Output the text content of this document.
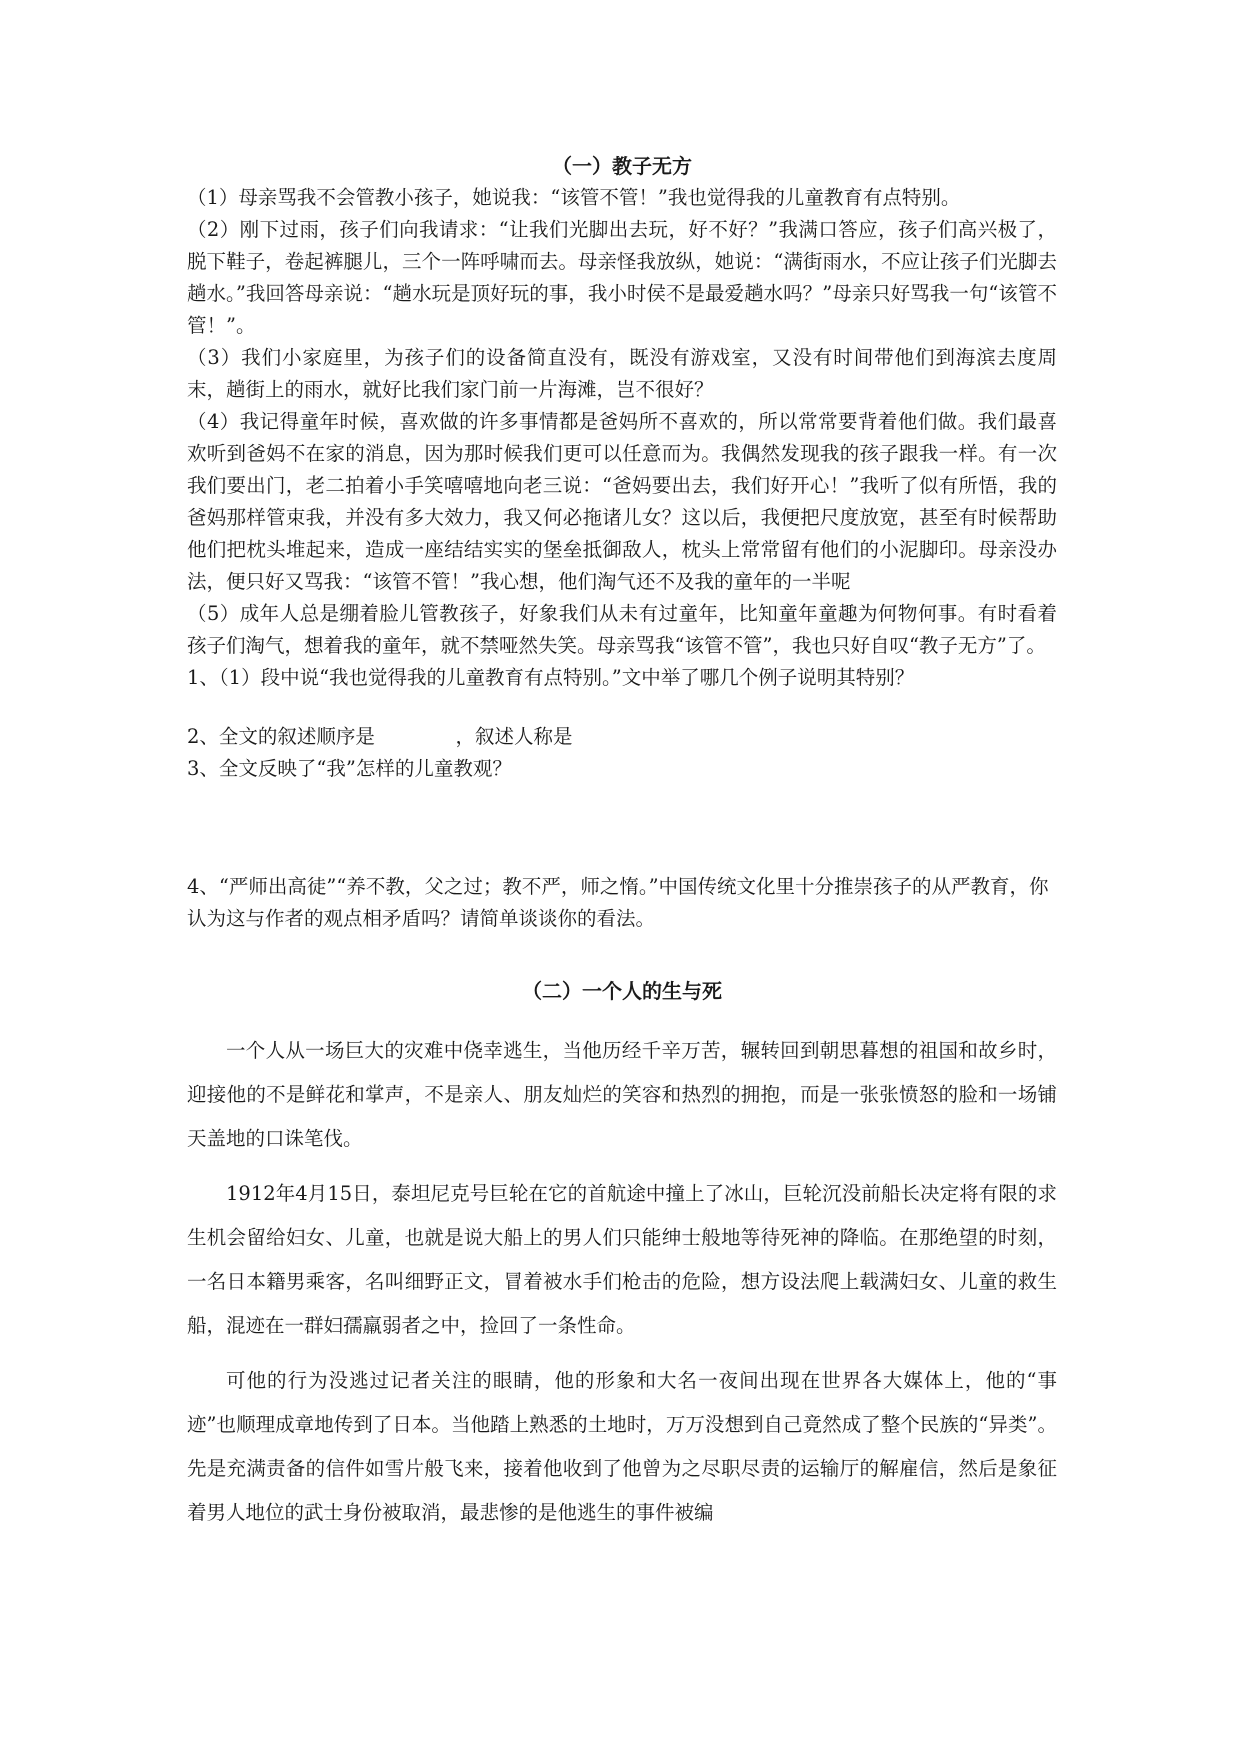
（一）教子无方

（1）母亲骂我不会管教小孩子，她说我：“该管不管！”我也觉得我的儿童教育有点特别。

（2）刚下过雨，孩子们向我请求：“让我们光脚出去玩，好不好？”我满口答应，孩子们高兴极了，脱下鞋子，卷起裤腿儿，三个一阵呼啸而去。母亲怪我放纵，她说：“满街雨水，不应让孩子们光脚去趟水。”我回答母亲说：“趟水玩是顶好玩的事，我小时侯不是最爱趟水吗？”母亲只好骂我一句“该管不管！”。

（3）我们小家庭里，为孩子们的设备简直没有，既没有游戏室，又没有时间带他们到海滨去度周末，趟街上的雨水，就好比我们家门前一片海滩，岂不很好？

（4）我记得童年时候，喜欢做的许多事情都是爸妈所不喜欢的，所以常常要背着他们做。我们最喜欢听到爸妈不在家的消息，因为那时候我们更可以任意而为。我偶然发现我的孩子跟我一样。有一次我们要出门，老二拍着小手笑嘻嘻地向老三说：“爸妈要出去，我们好开心！”我听了似有所悟，我的爸妈那样管束我，并没有多大效力，我又何必拖诸儿女？这以后，我便把尺度放宽，甚至有时候帮助他们把枕头堆起来，造成一座结结实实的堡垒抵御敌人，枕头上常常留有他们的小泥脚印。母亲没办法，便只好又骂我：“该管不管！”我心想，他们淘气还不及我的童年的一半呢

（5）成年人总是绷着脸儿管教孩子，好象我们从未有过童年，比知童年童趣为何物何事。有时看着孩子们淘气，想着我的童年，就不禁哑然失笑。母亲骂我“该管不管”，我也只好自叹“教子无方”了。

1、（1）段中说“我也觉得我的儿童教育有点特别。”文中举了哪几个例子说明其特别？

2、全文的叙述顺序是             ，叙述人称是

3、全文反映了“我”怎样的儿童教观？

4、“严师出高徒”“养不教，父之过；教不严，师之惰。”中国传统文化里十分推崇孩子的从严教育，你认为这与作者的观点相矛盾吗？请简单谈谈你的看法。

（二）一个人的生与死

一个人从一场巨大的灾难中侥幸逃生，当他历经千辛万苦，辗转回到朝思暮想的祖国和故乡时，迎接他的不是鲜花和掌声，不是亲人、朋友灿烂的笑容和热烈的拥抱，而是一张张愤怒的脸和一场铺天盖地的口诛笔伐。

1912年4月15日，泰坦尼克号巨轮在它的首航途中撞上了冰山，巨轮沉没前船长决定将有限的求生机会留给妇女、儿童，也就是说大船上的男人们只能绅士般地等待死神的降临。在那绝望的时刻，一名日本籍男乘客，名叫细野正文，冒着被水手们枪击的危险，想方设法爬上载满妇女、儿童的救生船，混迹在一群妇孺羸弱者之中，捡回了一条性命。

可他的行为没逃过记者关注的眼睛，他的形象和大名一夜间出现在世界各大媒体上，他的“事迹”也顺理成章地传到了日本。当他踏上熟悉的土地时，万万没想到自己竟然成了整个民族的“异类”。先是充满责备的信件如雪片般飞来，接着他收到了他曾为之尽职尽责的运输厅的解雇信，然后是象征着男人地位的武士身份被取消，最悲惨的是他逃生的事件被编
